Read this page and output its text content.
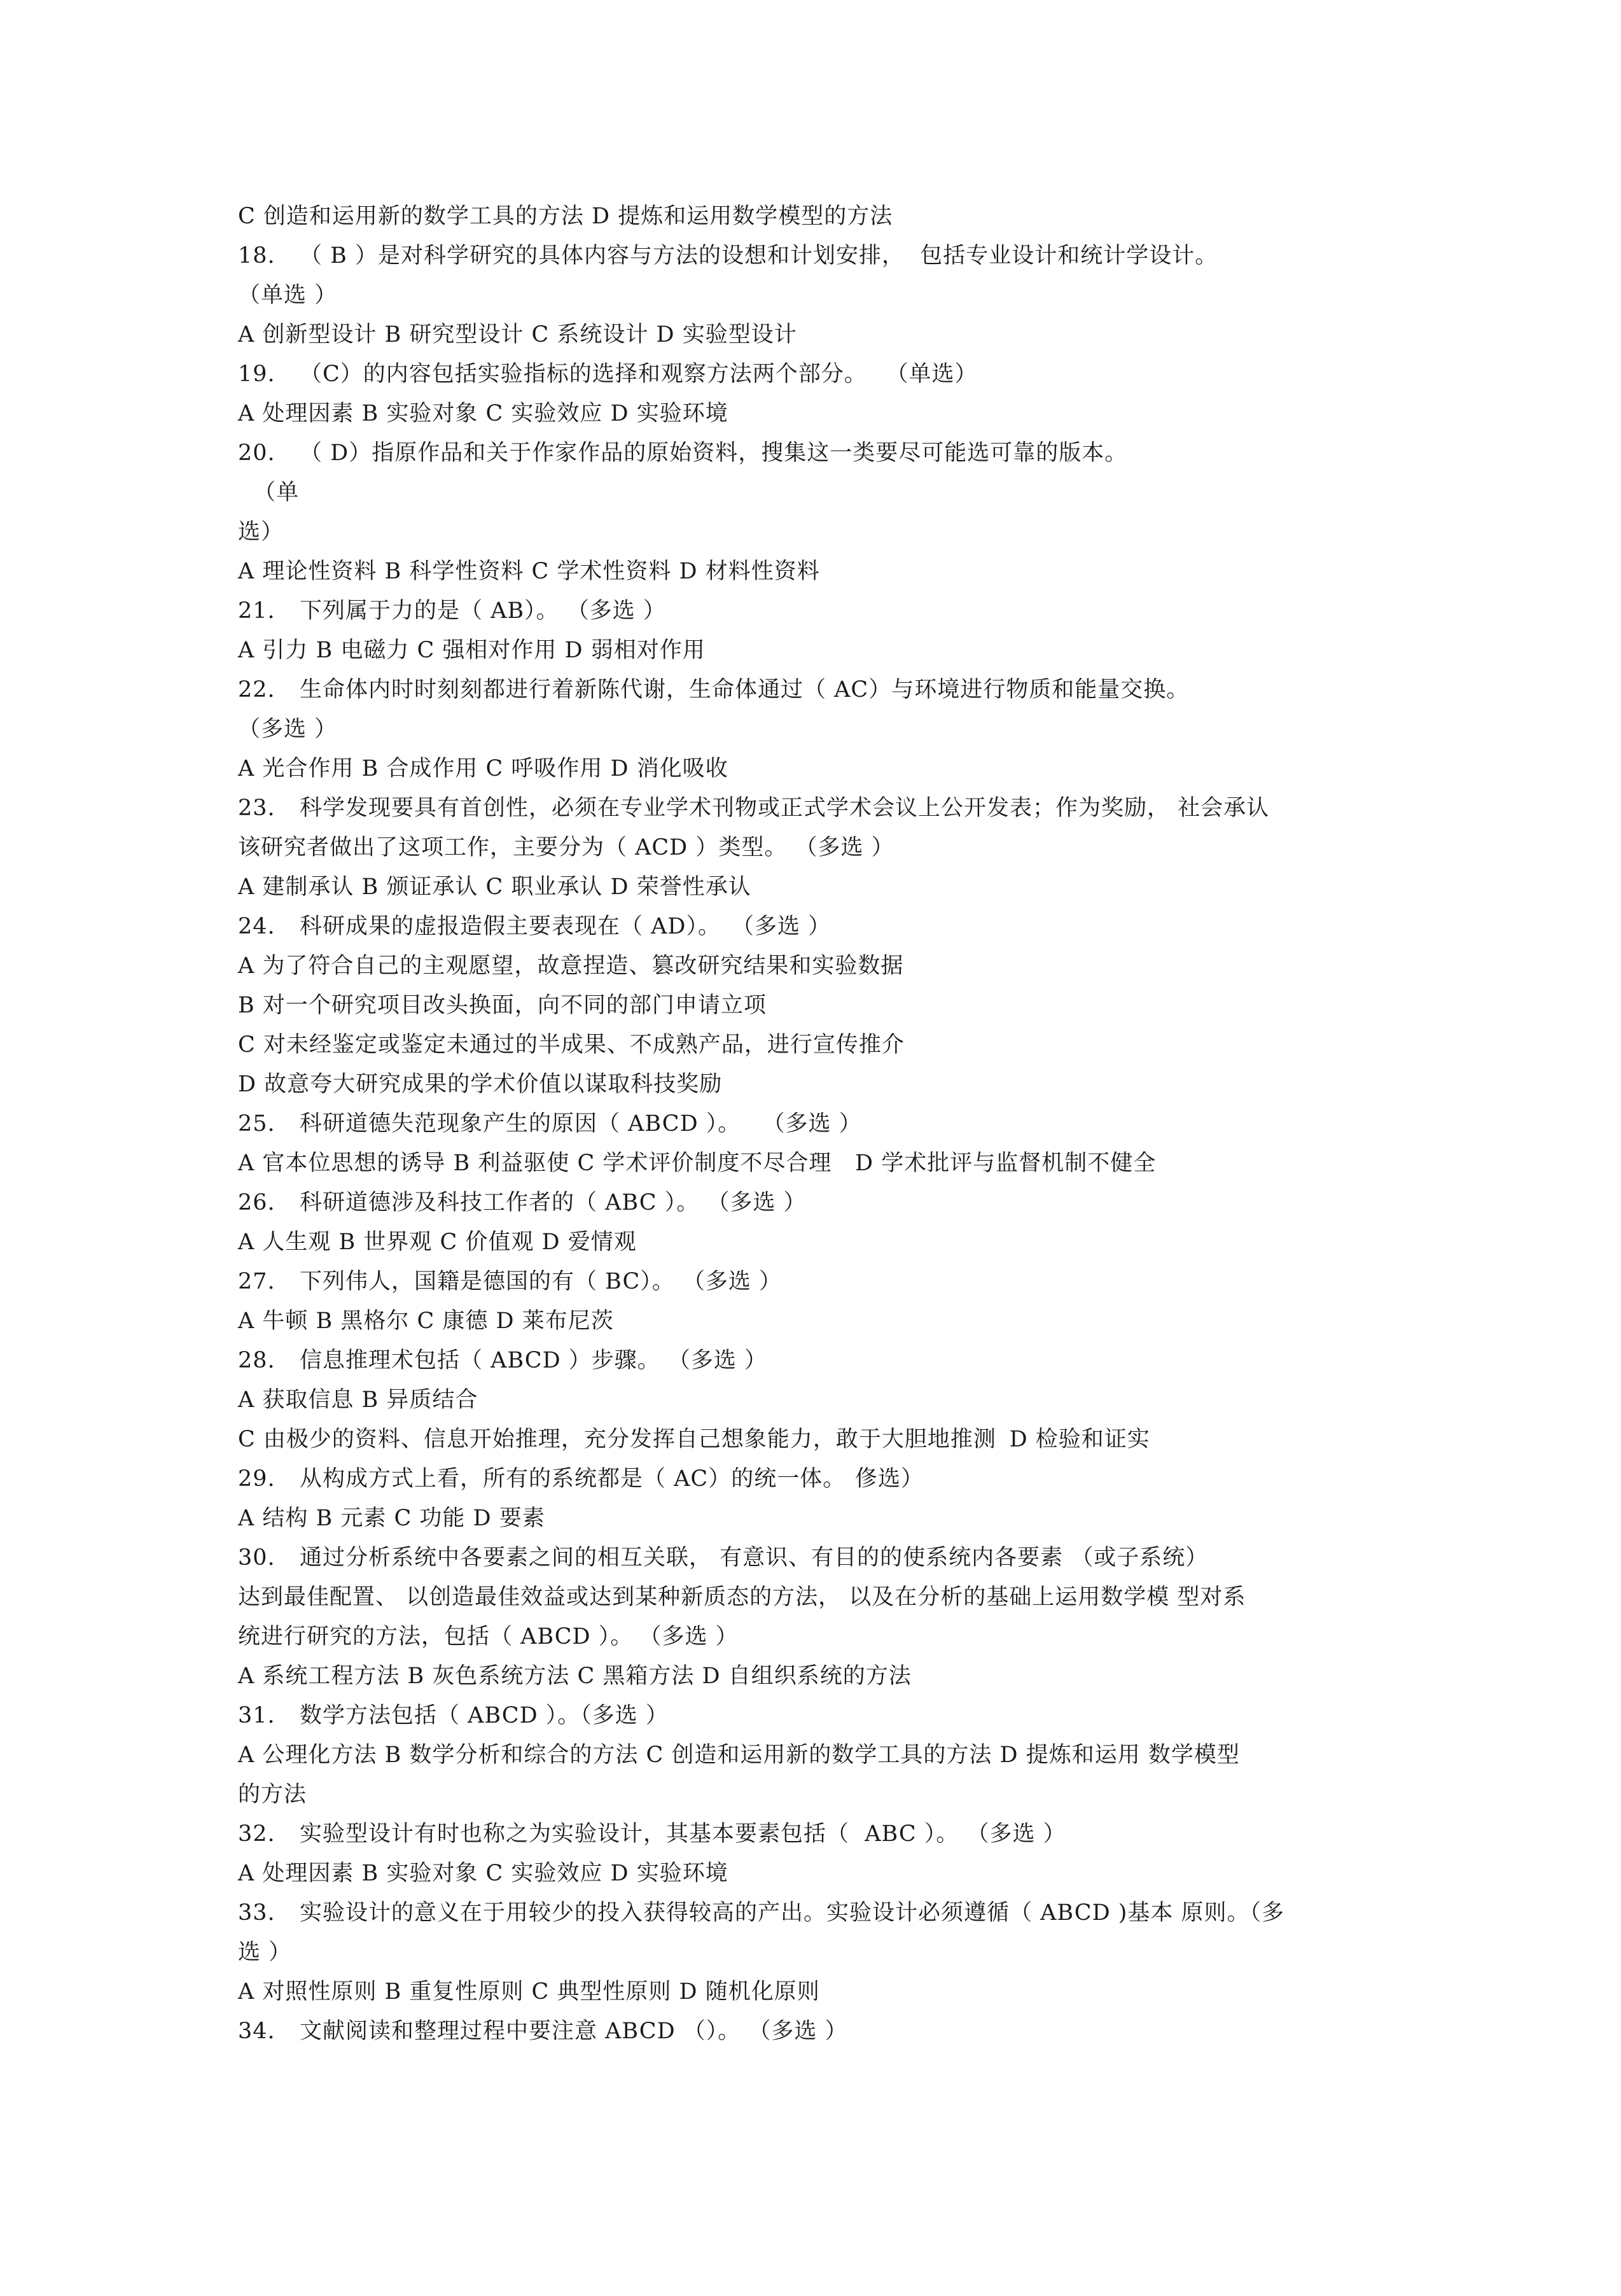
C 创造和运用新的数学工具的方法 D 提炼和运用数学模型的方法
18.	（ B ）是对科学研究的具体内容与方法的设想和计划安排，  包括专业设计和统计学设计。
（单选 ）
A 创新型设计 B 研究型设计 C 系统设计 D 实验型设计
19.	（C）的内容包括实验指标的选择和观察方法两个部分。	（单选）
A 处理因素 B 实验对象 C 实验效应 D 实验环境
20.	（ D）指原作品和关于作家作品的原始资料，搜集这一类要尽可能选可靠的版本。
（单
选）
A 理论性资料 B 科学性资料 C 学术性资料 D 材料性资料
21.	下列属于力的是（ AB）。 （多选 ）
A 引力 B 电磁力 C 强相对作用 D 弱相对作用
22.	生命体内时时刻刻都进行着新陈代谢，生命体通过（ AC）与环境进行物质和能量交换。
（多选 ）
A 光合作用 B 合成作用 C 呼吸作用 D 消化吸收
23.	科学发现要具有首创性，必须在专业学术刊物或正式学术会议上公开发表；作为奖励， 社会承认
该研究者做出了这项工作，主要分为（ ACD ）类型。 （多选 ）
A 建制承认 B 颁证承认 C 职业承认 D 荣誉性承认
24.	科研成果的虚报造假主要表现在（ AD）。	（多选 ）
A 为了符合自己的主观愿望，故意捏造、篡改研究结果和实验数据
B 对一个研究项目改头换面，向不同的部门申请立项
C 对未经鉴定或鉴定未通过的半成果、不成熟产品，进行宣传推介
D 故意夸大研究成果的学术价值以谋取科技奖励
25.	科研道德失范现象产生的原因（ ABCD ）。	（多选 ）
A 官本位思想的诱导 B 利益驱使 C 学术评价制度不尽合理	D 学术批评与监督机制不健全
26.	科研道德涉及科技工作者的（ ABC ）。 （多选 ）
A 人生观 B 世界观 C 价值观 D 爱情观
27.	下列伟人，国籍是德国的有（ BC）。 （多选 ）
A 牛顿 B 黑格尔 C 康德 D 莱布尼茨
28.	信息推理术包括（ ABCD ）步骤。 （多选 ）
A 获取信息 B 异质结合
C 由极少的资料、信息开始推理，充分发挥自己想象能力，敢于大胆地推测	D 检验和证实
29.	从构成方式上看，所有的系统都是（ AC）的统一体。	俢选）
A 结构 B 元素 C 功能 D 要素
30.	通过分析系统中各要素之间的相互关联， 有意识、有目的的使系统内各要素 （或子系统）
达到最佳配置、 以创造最佳效益或达到某种新质态的方法， 以及在分析的基础上运用数学模 型对系
统进行研究的方法，包括（ ABCD ）。	（多选 ）
A 系统工程方法 B 灰色系统方法 C 黑箱方法 D 自组织系统的方法
31.	数学方法包括（ ABCD ）。（多选 ）
A 公理化方法 B 数学分析和综合的方法 C 创造和运用新的数学工具的方法 D 提炼和运用 数学模型
的方法
32.	实验型设计有时也称之为实验设计，其基本要素包括（  ABC ）。 （多选 ）
A 处理因素 B 实验对象 C 实验效应 D 实验环境
33.	实验设计的意义在于用较少的投入获得较高的产出。实验设计必须遵循（ ABCD )基本 原则。（多
选 ）
A 对照性原则 B 重复性原则 C 典型性原则 D 随机化原则
34.	文献阅读和整理过程中要注意 ABCD （）。 （多选 ）
